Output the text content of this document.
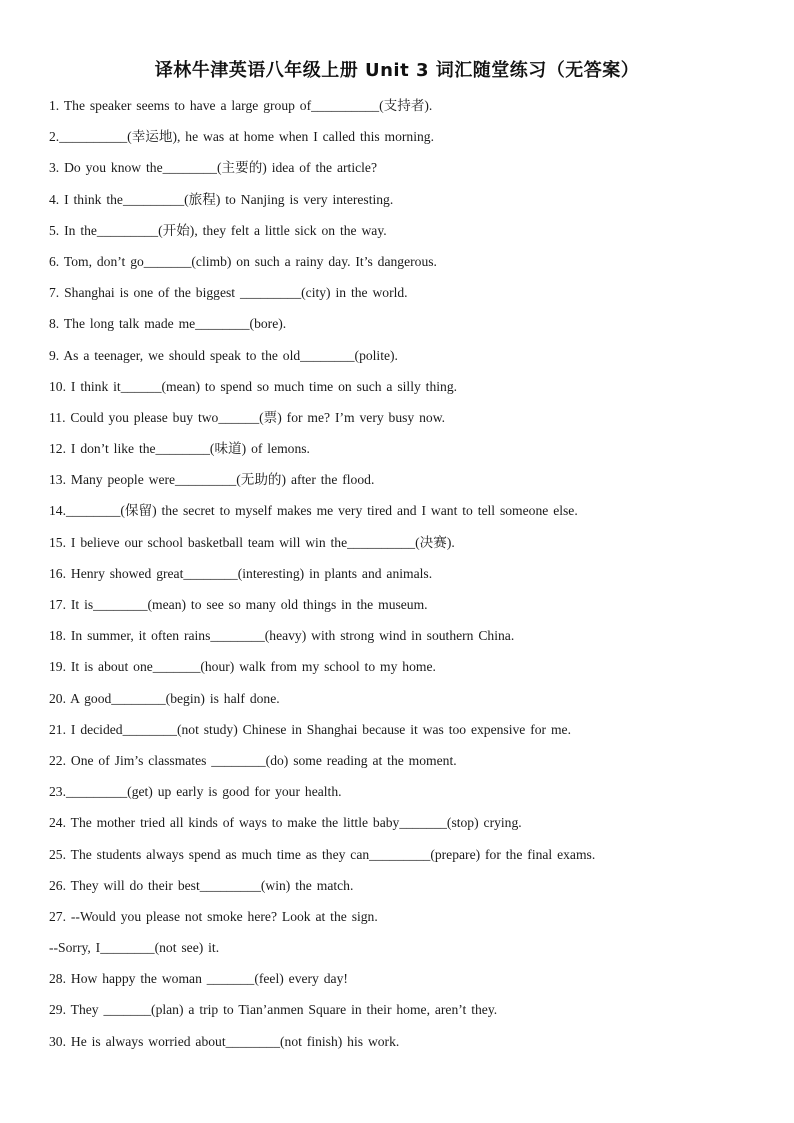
译林牛津英语八年级上册 Unit 3 词汇随堂练习（无答案）
1. The speaker seems to have a large group of__________(支持者).
2.__________(幸运地), he was at home when I called this morning.
3. Do you know the________(主要的) idea of the article?
4. I think the_________(旅程) to Nanjing is very interesting.
5. In the_________(开始), they felt a little sick on the way.
6. Tom, don’t go_______(climb) on such a rainy day. It’s dangerous.
7. Shanghai is one of the biggest _________(city) in the world.
8. The long talk made me________(bore).
9. As a teenager, we should speak to the old________(polite).
10. I think it______(mean) to spend so much time on such a silly thing.
11. Could you please buy two______(票) for me? I’m very busy now.
12. I don’t like the________(味道) of lemons.
13. Many people were_________(无助的) after the flood.
14.________(保留) the secret to myself makes me very tired and I want to tell someone else.
15. I believe our school basketball team will win the__________(决赛).
16. Henry showed great________(interesting) in plants and animals.
17. It is________(mean) to see so many old things in the museum.
18. In summer, it often rains________(heavy) with strong wind in southern China.
19. It is about one_______(hour) walk from my school to my home.
20. A good________(begin) is half done.
21. I decided________(not study) Chinese in Shanghai because it was too expensive for me.
22. One of Jim’s classmates ________(do) some reading at the moment.
23._________(get) up early is good for your health.
24. The mother tried all kinds of ways to make the little baby_______(stop) crying.
25. The students always spend as much time as they can_________(prepare) for the final exams.
26. They will do their best_________(win) the match.
27. --Would you please not smoke here? Look at the sign.
--Sorry, I________(not see) it.
28. How happy the woman _______(feel) every day!
29. They _______(plan) a trip to Tian’anmen Square in their home, aren’t they.
30. He is always worried about________(not finish) his work.
